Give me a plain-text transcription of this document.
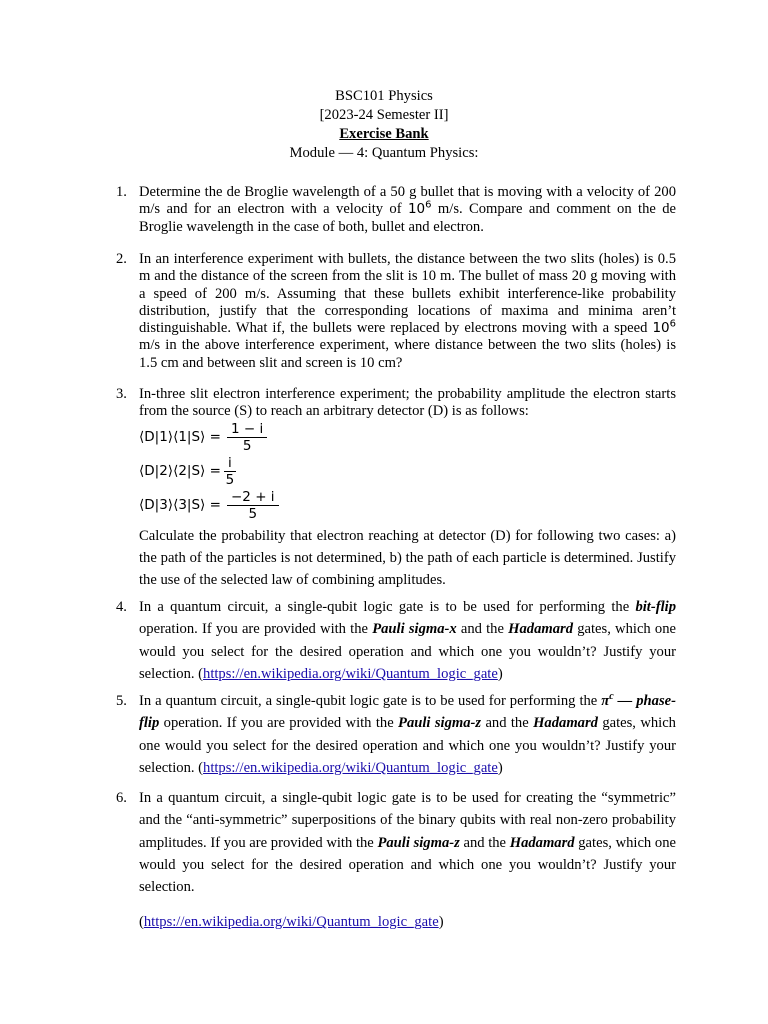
BSC101 Physics
[2023-24 Semester II]
Exercise Bank
Module — 4: Quantum Physics:
1. Determine the de Broglie wavelength of a 50 g bullet that is moving with a velocity of 200 m/s and for an electron with a velocity of $10^6$ m/s. Compare and comment on the de Broglie wavelength in the case of both, bullet and electron.
2. In an interference experiment with bullets, the distance between the two slits (holes) is 0.5 m and the distance of the screen from the slit is 10 m. The bullet of mass 20 g moving with a speed of 200 m/s. Assuming that these bullets exhibit interference-like probability distribution, justify that the corresponding locations of maxima and minima aren’t distinguishable. What if, the bullets were replaced by electrons moving with a speed $10^6$ m/s in the above interference experiment, where distance between the two slits (holes) is 1.5 cm and between slit and screen is 10 cm?
3. In-three slit electron interference experiment; the probability amplitude the electron starts from the source (S) to reach an arbitrary detector (D) is as follows:
⟨D|1⟩⟨1|S⟩ = $\frac{1 - i}{5}$
⟨D|2⟩⟨2|S⟩ = $\frac{i}{5}$
⟨D|3⟩⟨3|S⟩ = $\frac{-2 + i}{5}$
Calculate the probability that electron reaching at detector (D) for following two cases: a) the path of the particles is not determined, b) the path of each particle is determined. Justify the use of the selected law of combining amplitudes.
4. In a quantum circuit, a single-qubit logic gate is to be used for performing the bit-flip operation. If you are provided with the Pauli sigma-x and the Hadamard gates, which one would you select for the desired operation and which one you wouldn’t? Justify your selection. (https://en.wikipedia.org/wiki/Quantum_logic_gate)
5. In a quantum circuit, a single-qubit logic gate is to be used for performing the $\pi^c$ — phase-flip operation. If you are provided with the Pauli sigma-z and the Hadamard gates, which one would you select for the desired operation and which one you wouldn’t? Justify your selection. (https://en.wikipedia.org/wiki/Quantum_logic_gate)
6. In a quantum circuit, a single-qubit logic gate is to be used for creating the “symmetric” and the “anti-symmetric” superpositions of the binary qubits with real non-zero probability amplitudes. If you are provided with the Pauli sigma-z and the Hadamard gates, which one would you select for the desired operation and which one you wouldn’t? Justify your selection.
(https://en.wikipedia.org/wiki/Quantum_logic_gate)
